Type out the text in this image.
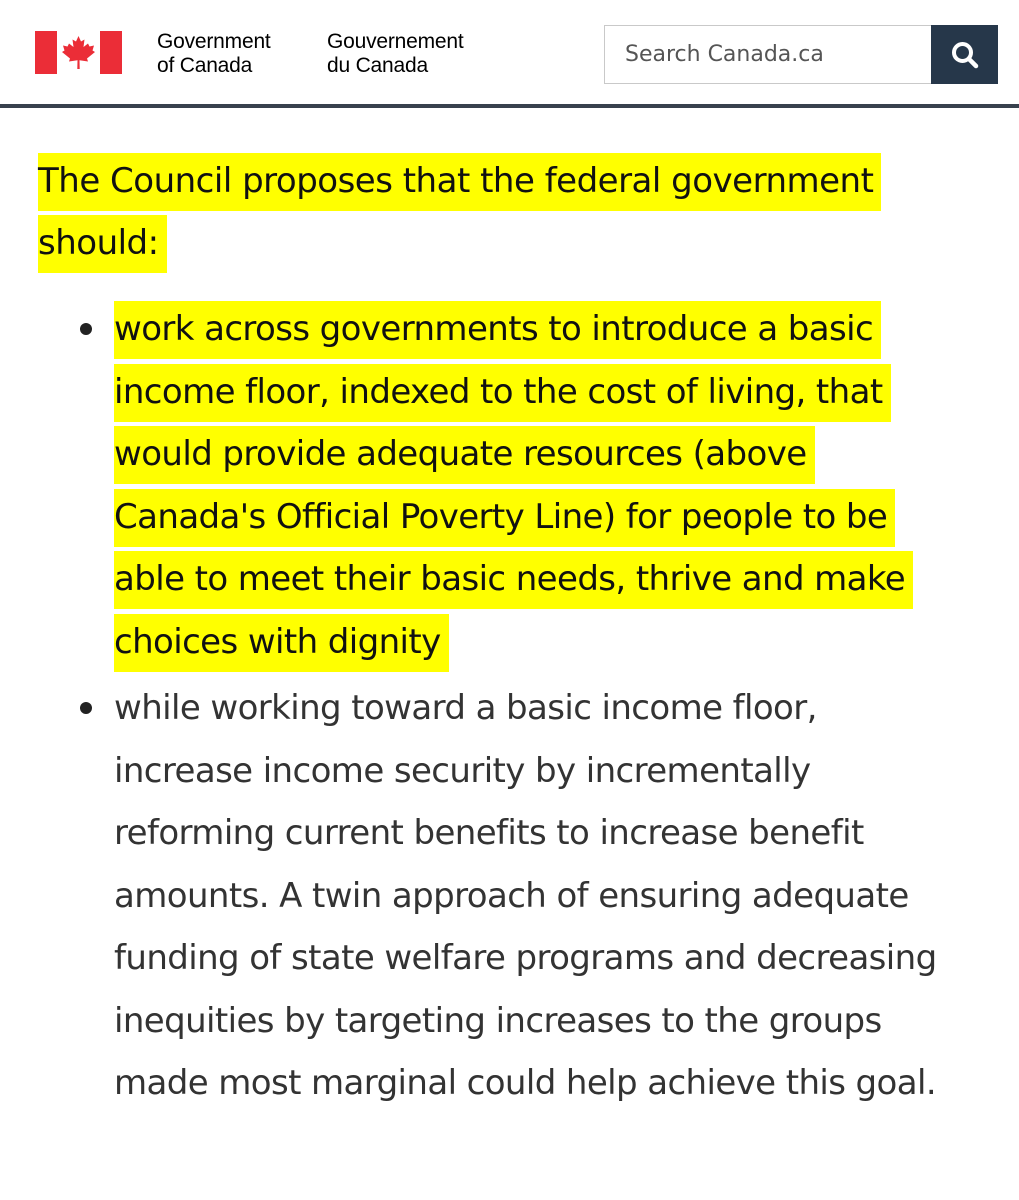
Government
of Canada
Gouvernement
du Canada
Search Canada.ca

The Council proposes that the federal government should:

work across governments to introduce a basic income floor, indexed to the cost of living, that would provide adequate resources (above Canada's Official Poverty Line) for people to be able to meet their basic needs, thrive and make choices with dignity
while working toward a basic income floor, increase income security by incrementally reforming current benefits to increase benefit amounts. A twin approach of ensuring adequate funding of state welfare programs and decreasing inequities by targeting increases to the groups made most marginal could help achieve this goal.
